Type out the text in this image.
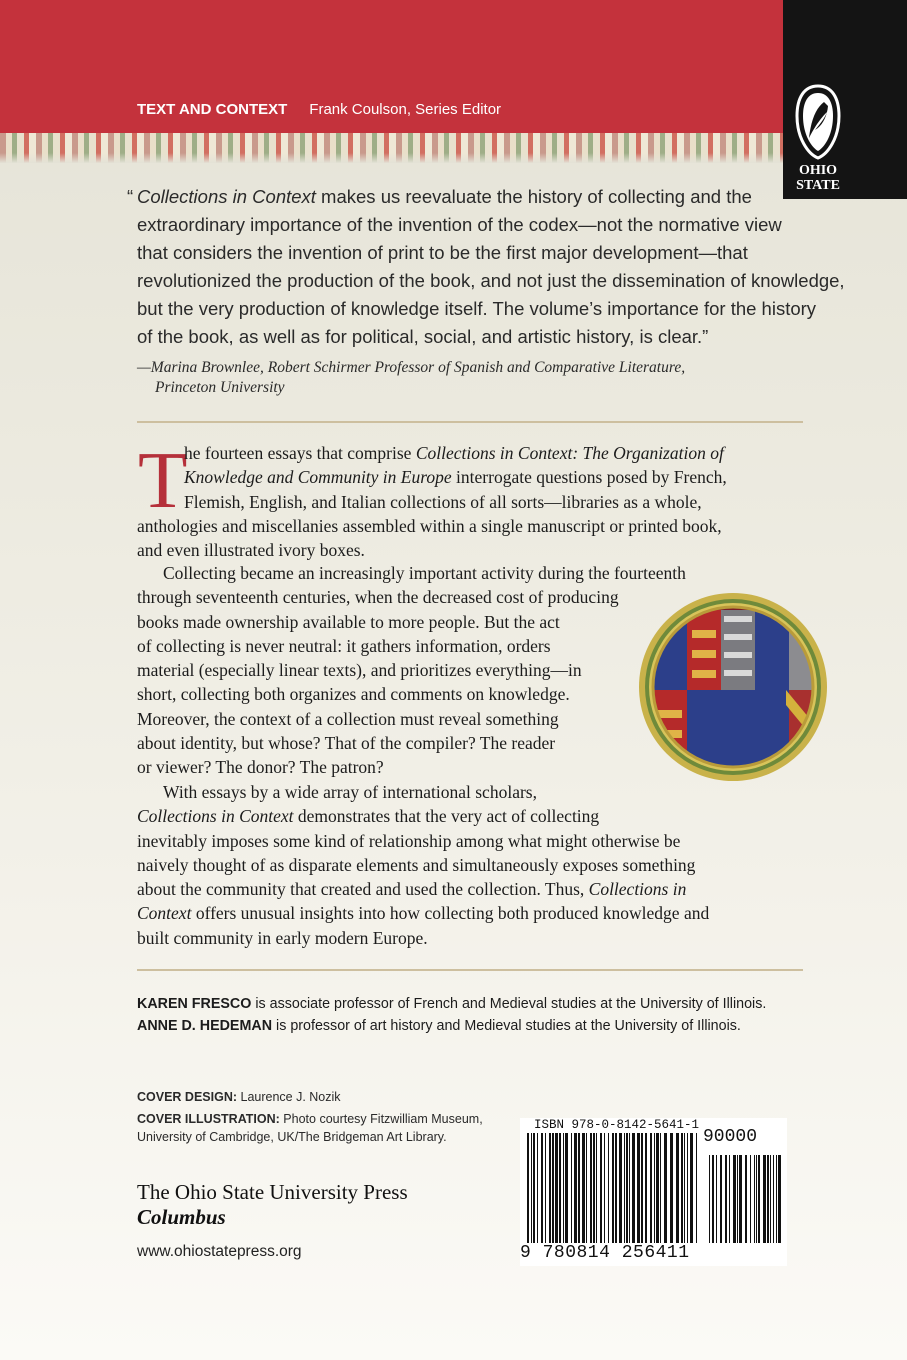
TEXT AND CONTEXT Frank Coulson, Series Editor
OHIO
STATE
“ Collections in Context makes us reevaluate the history of collecting and the
extraordinary importance of the invention of the codex—not the normative view
that considers the invention of print to be the first major development—that
revolutionized the production of the book, and not just the dissemination of knowledge,
but the very production of knowledge itself. The volume’s importance for the history
of the book, as well as for political, social, and artistic history, is clear.”
—Marina Brownlee, Robert Schirmer Professor of Spanish and Comparative Literature,
Princeton University
T
he fourteen essays that comprise Collections in Context: The Organization of
Knowledge and Community in Europe interrogate questions posed by French,
Flemish, English, and Italian collections of all sorts—libraries as a whole,
anthologies and miscellanies assembled within a single manuscript or printed book,
and even illustrated ivory boxes.
Collecting became an increasingly important activity during the fourteenth
through seventeenth centuries, when the decreased cost of producing
books made ownership available to more people. But the act
of collecting is never neutral: it gathers information, orders
material (especially linear texts), and prioritizes everything—in
short, collecting both organizes and comments on knowledge.
Moreover, the context of a collection must reveal something
about identity, but whose? That of the compiler? The reader
or viewer? The donor? The patron?
With essays by a wide array of international scholars,
Collections in Context demonstrates that the very act of collecting
inevitably imposes some kind of relationship among what might otherwise be
naively thought of as disparate elements and simultaneously exposes something
about the community that created and used the collection. Thus, Collections in
Context offers unusual insights into how collecting both produced knowledge and
built community in early modern Europe.
KAREN FRESCO is associate professor of French and Medieval studies at the University of Illinois.
ANNE D. HEDEMAN is professor of art history and Medieval studies at the University of Illinois.
COVER DESIGN: Laurence J. Nozik
COVER ILLUSTRATION: Photo courtesy Fitzwilliam Museum,
University of Cambridge, UK/The Bridgeman Art Library.
The Ohio State University Press
Columbus
www.ohiostatepress.org
ISBN 978-0-8142-5641-1
90000
9 780814 256411
